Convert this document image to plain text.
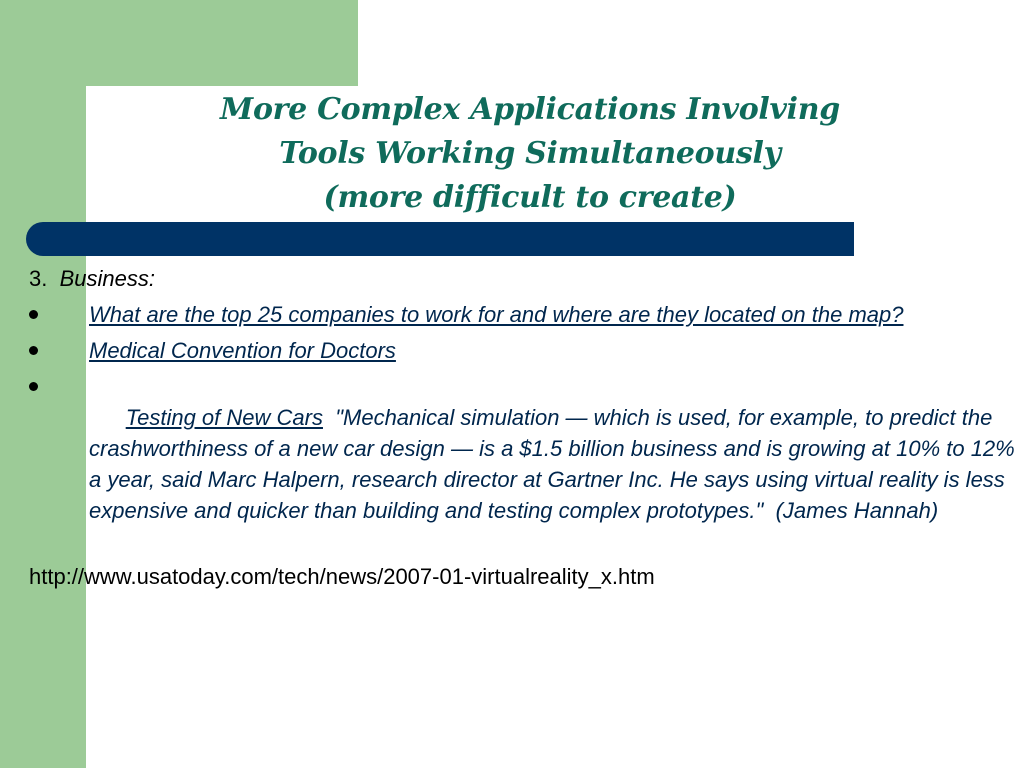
More Complex Applications Involving
Tools Working Simultaneously
(more difficult to create)
3. Business:
What are the top 25 companies to work for and where are they located on the map?
Medical Convention for Doctors

Testing of New Cars  "Mechanical simulation — which is used, for example, to predict the crashworthiness of a new car design — is a $1.5 billion business and is growing at 10% to 12% a year, said Marc Halpern, research director at Gartner Inc. He says using virtual reality is less expensive and quicker than building and testing complex prototypes."  (James Hannah)

http://www.usatoday.com/tech/news/2007-01-virtualreality_x.htm
